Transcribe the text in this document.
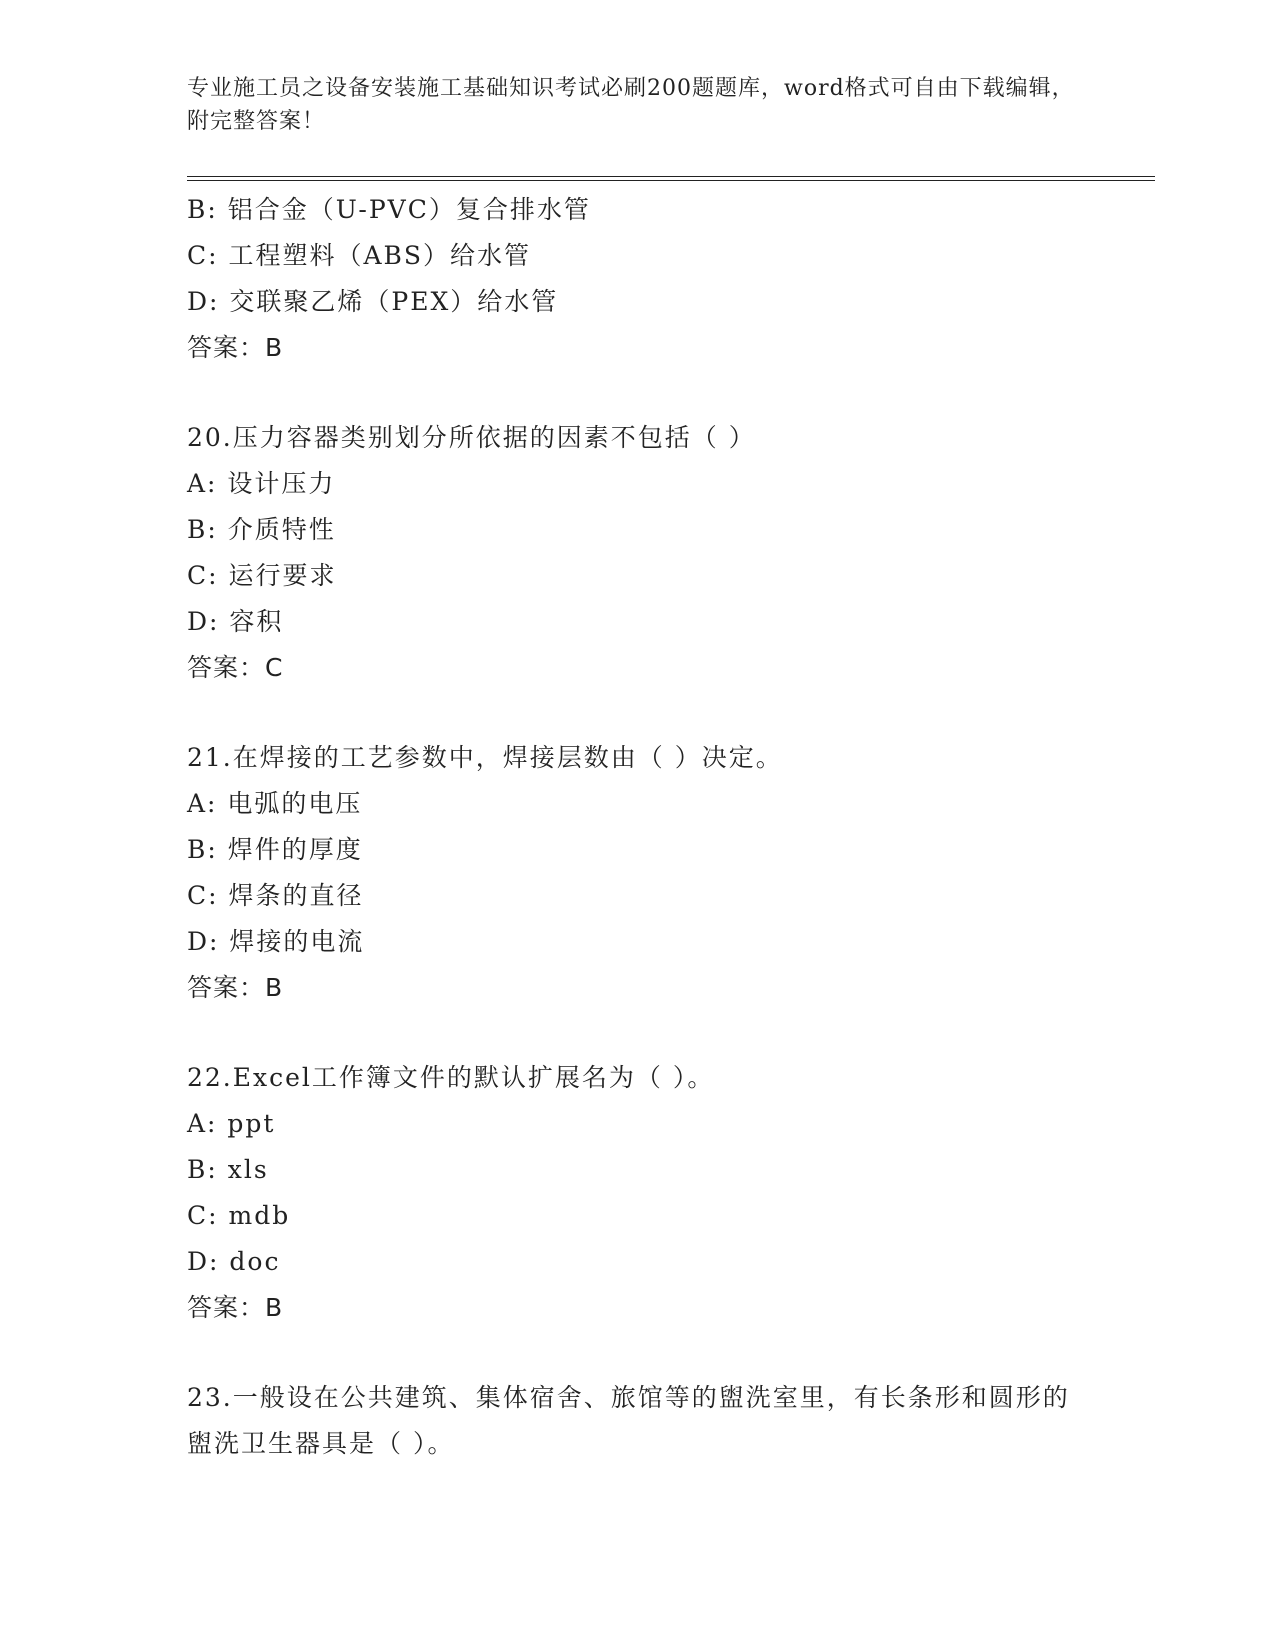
专业施工员之设备安装施工基础知识考试必刷200题题库，word格式可自由下载编辑，附完整答案！
B: 铝合金（U-PVC）复合排水管
C: 工程塑料（ABS）给水管
D: 交联聚乙烯（PEX）给水管
答案：B
20.压力容器类别划分所依据的因素不包括（ ）
A: 设计压力
B: 介质特性
C: 运行要求
D: 容积
答案：C
21.在焊接的工艺参数中，焊接层数由（ ）决定。
A: 电弧的电压
B: 焊件的厚度
C: 焊条的直径
D: 焊接的电流
答案：B
22.Excel工作簿文件的默认扩展名为（ ）。
A: ppt
B: xls
C: mdb
D: doc
答案：B
23.一般设在公共建筑、集体宿舍、旅馆等的盥洗室里，有长条形和圆形的盥洗卫生器具是（ ）。
